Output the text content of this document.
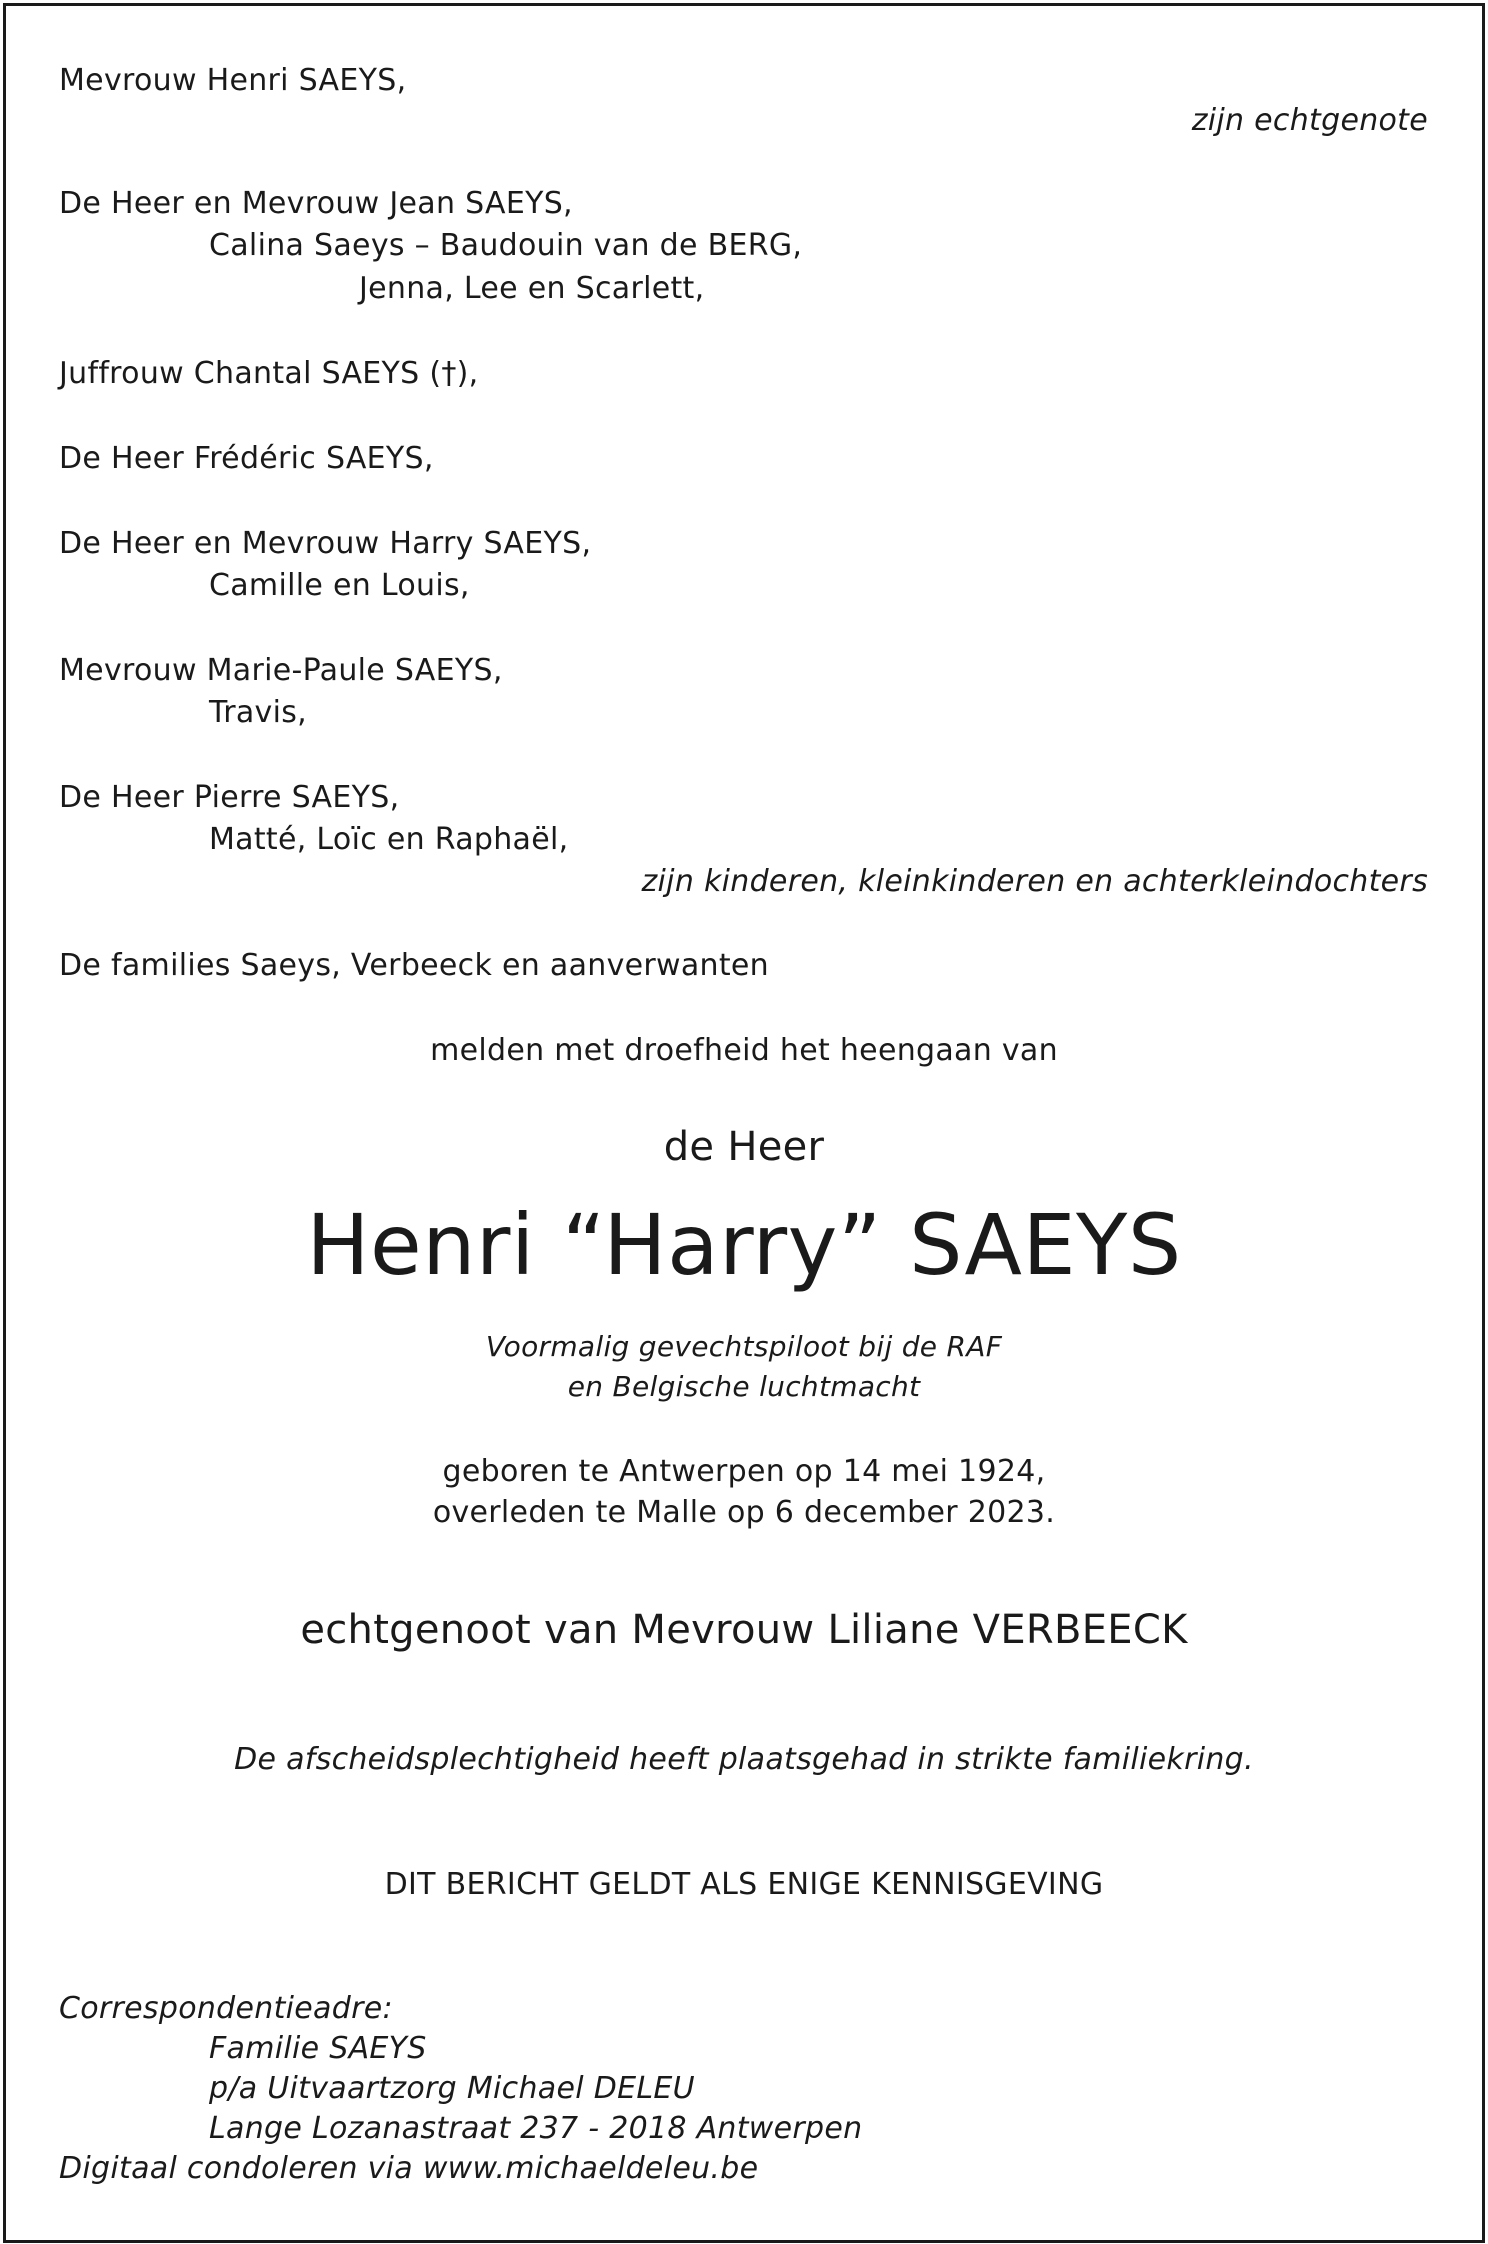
Mevrouw Henri SAEYS,
zijn echtgenote
De Heer en Mevrouw Jean SAEYS,
Calina Saeys – Baudouin van de BERG,
Jenna, Lee en Scarlett,
Juffrouw Chantal SAEYS (†),
De Heer Frédéric SAEYS,
De Heer en Mevrouw Harry SAEYS,
Camille en Louis,
Mevrouw Marie-Paule SAEYS,
Travis,
De Heer Pierre SAEYS,
Matté, Loïc en Raphaël,
zijn kinderen, kleinkinderen en achterkleindochters
De families Saeys, Verbeeck en aanverwanten
melden met droefheid het heengaan van
de Heer
Henri “Harry” SAEYS
Voormalig gevechtspiloot bij de RAF
en Belgische luchtmacht
geboren te Antwerpen op 14 mei 1924,
overleden te Malle op 6 december 2023.
echtgenoot van Mevrouw Liliane VERBEECK
De afscheidsplechtigheid heeft plaatsgehad in strikte familiekring.
DIT BERICHT GELDT ALS ENIGE KENNISGEVING
Correspondentieadre:
Familie SAEYS
p/a Uitvaartzorg Michael DELEU
Lange Lozanastraat 237 - 2018 Antwerpen
Digitaal condoleren via www.michaeldeleu.be
